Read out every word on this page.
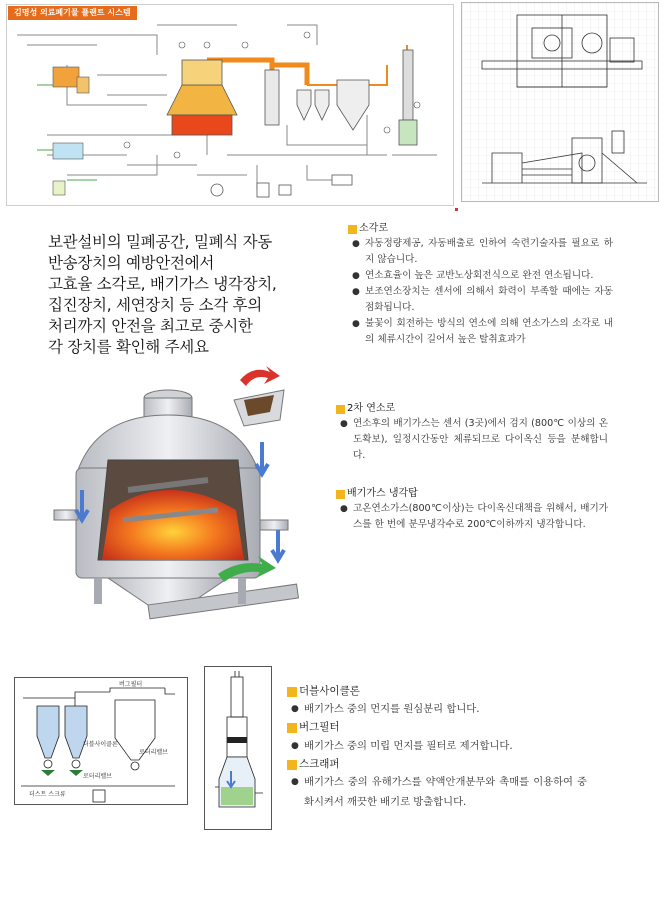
김명성 의료폐기물 플랜트 시스템
보관설비의 밀폐공간, 밀폐식 자동
반송장치의 예방안전에서
고효율 소각로, 배기가스 냉각장치,
집진장치, 세연장치 등 소각 후의
처리까지 안전을 최고로 중시한
각 장치를 확인해 주세요
소각로
● 자동정량제공, 자동배출로 인하여 숙련기술자를 필요로 하지 않습니다.
● 연소효율이 높은 교반노상회전식으로 완전 연소됩니다.
● 보조연소장치는 센서에 의해서 화력이 부족할 때에는 자동 점화됩니다.
● 불꽃이 회전하는 방식의 연소에 의해 연소가스의 소각로 내의 체류시간이 길어서 높은 탈취효과가
2차 연소로
● 연소후의 배기가스는 센서 (3곳)에서 검지 (800℃ 이상의 온도확보), 일정시간동안 체류되므로 다이옥신 등을 분해합니다.
배기가스 냉각탑
● 고온연소가스(800℃이상)는 다이옥신대책을 위해서, 배기가스를 한 번에 분무냉각수로 200℃이하까지 냉각합니다.
버그필터
더블사이클론
로터리밸브
로터리밸브
더스트 스크류
더블사이클론
● 배기가스 중의 먼지를 원심분리 합니다.
버그필터
● 배기가스 중의 미립 먼지를 필터로 제거합니다.
스크래퍼
● 배기가스 중의 유해가스를 약액안개분무와 촉매를 이용하여 중화시켜서 깨끗한 배기로 방출합니다.
